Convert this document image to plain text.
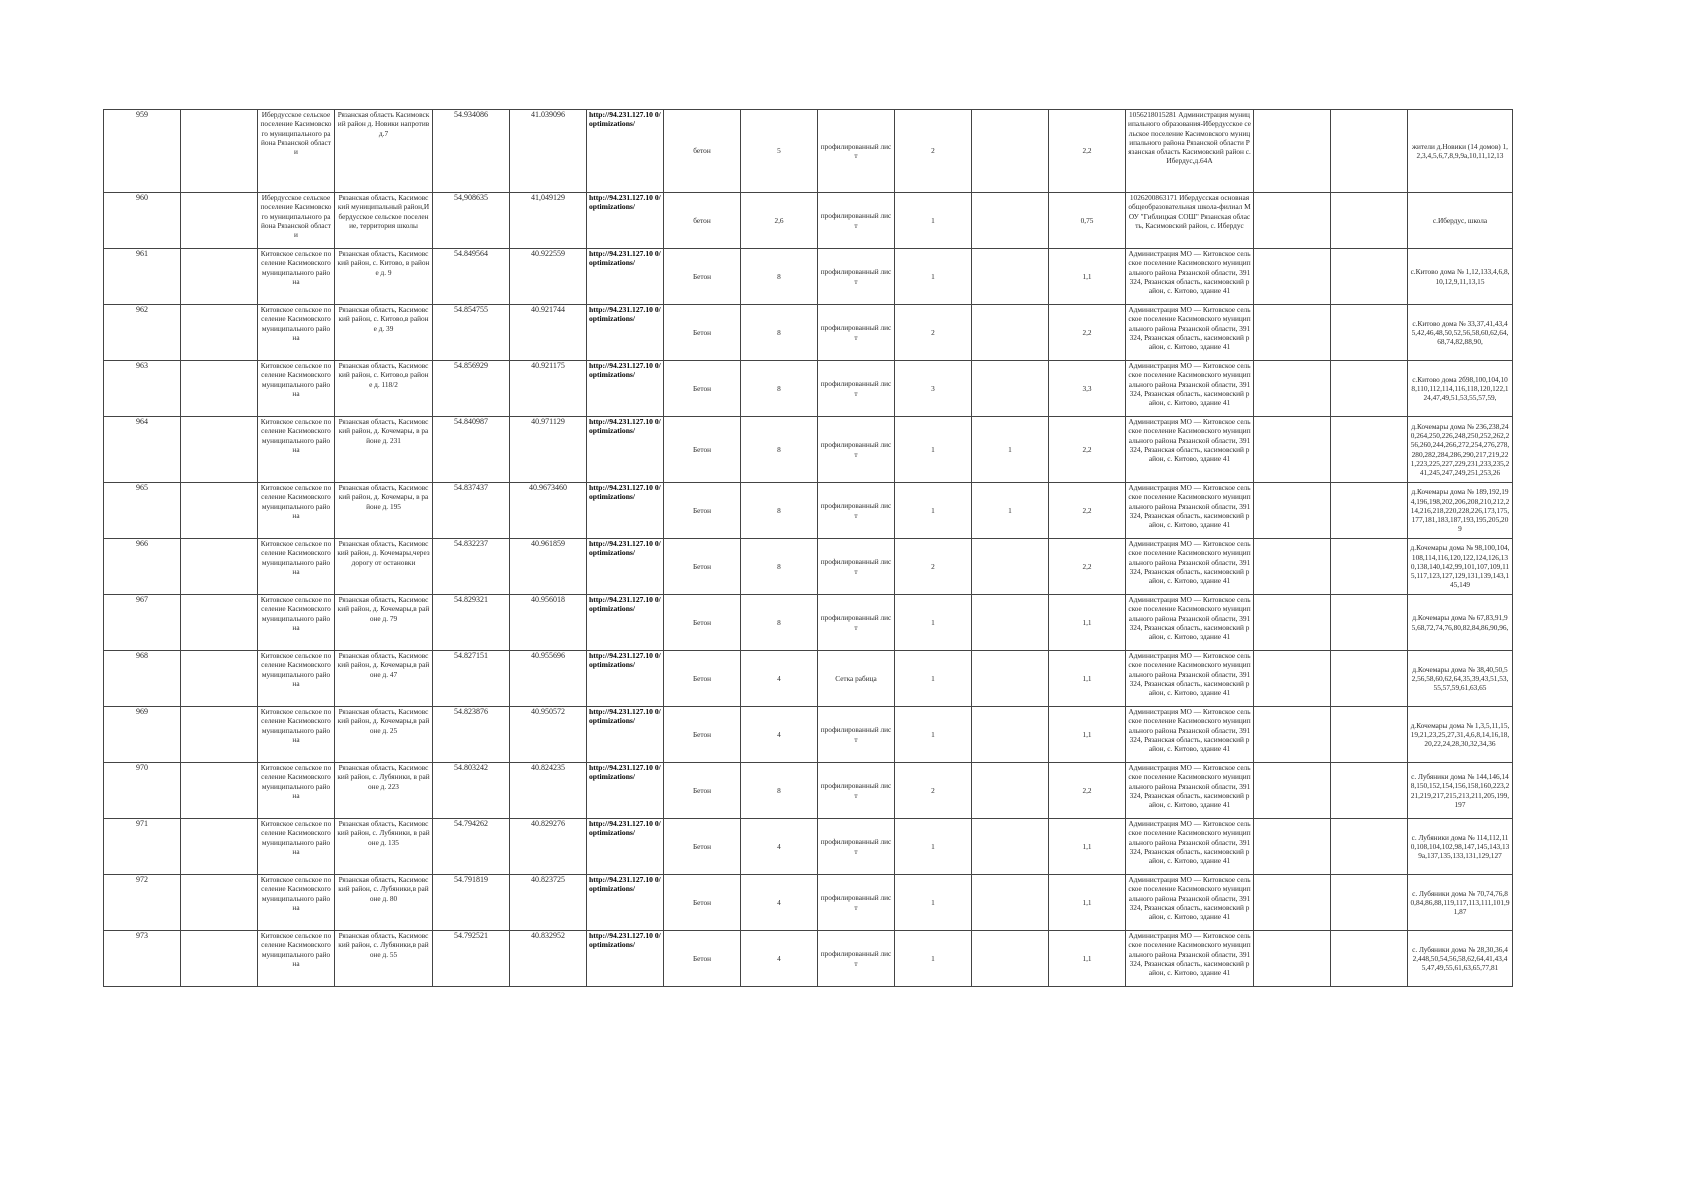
959		Ибердусское сельское поселение Касимовского муниципального района Рязанской области	Рязанская область Касимовский район д. Новики напротив д.7	54.934086	41.039096	http://94.231.127.10 0/optimizations/	бетон	5	профилированный лист	2		2,2	1056218015281 Администрация муниципального образования-Ибердусское сельское поселение Касимовского муниципального района Рязанской области Рязанская область Касимовский район с.Ибердус,д.64А			жители д.Новики (14 домов) 1,2,3,4,5,6,7,8,9,9а,10,11,12,13
960		Ибердусское сельское поселение Касимовского муниципального района Рязанской области	Рязанская область, Касимовский муниципальный район,Ибердусское сельское поселение, территория школы	54,908635	41,049129	http://94.231.127.10 0/optimizations/	бетон	2,6	профилированный лист	1		0,75	1026200863171 Ибердусская основная общеобразовательная школа-филиал МОУ "Гиблицкая СОШ" Рязанская область, Касимовский район, с. Ибердус			с.Ибердус, школа
961		Китовское сельское поселение Касимовского муниципального района	Рязанская область, Касимовский район, с. Китово, в районе д. 9	54.849564	40.922559	http://94.231.127.10 0/optimizations/	Бетон	8	профилированный лист	1		1,1	Администрация МО — Китовское сельское поселение Касимовского муниципального района Рязанской области, 391324, Рязанская область, касимовский район, с. Китово, здание 41			с.Китово дома № 1,12,133,4,6,8,10,12,9,11,13,15
962		Китовское сельское поселение Касимовского муниципального района	Рязанская область, Касимовский район, с. Китово,в районе д. 39	54.854755	40.921744	http://94.231.127.10 0/optimizations/	Бетон	8	профилированный лист	2		2,2	Администрация МО — Китовское сельское поселение Касимовского муниципального района Рязанской области, 391324, Рязанская область, касимовский район, с. Китово, здание 41			с.Китово дома № 33,37,41,43,45,42,46,48,50,52,56,58,60,62,64,68,74,82,88,90,
963		Китовское сельское поселение Касимовского муниципального района	Рязанская область, Касимовский район, с. Китово,в районе д. 118/2	54.856929	40.921175	http://94.231.127.10 0/optimizations/	Бетон	8	профилированный лист	3		3,3	Администрация МО — Китовское сельское поселение Касимовского муниципального района Рязанской области, 391324, Рязанская область, касимовский район, с. Китово, здание 41			с.Китово дома 2б98,100,104,108,110,112,114,116,118,120,122,124,47,49,51,53,55,57,59,
964		Китовское сельское поселение Касимовского муниципального района	Рязанская область, Касимовский район, д. Кочемары, в районе д. 231	54.840987	40.971129	http://94.231.127.10 0/optimizations/	Бетон	8	профилированный лист	1	1	2,2	Администрация МО — Китовское сельское поселение Касимовского муниципального района Рязанской области, 391324, Рязанская область, касимовский район, с. Китово, здание 41			д.Кочемары дома № 236,238,240,264,250,226,248,250,252,262,256,260,244,266,272,254,276,278,280,282,284,286,290,217,219,221,223,225,227,229,231,233,235,241,245,247,249,251,253,26
965		Китовское сельское поселение Касимовского муниципального района	Рязанская область, Касимовский район, д. Кочемары, в районе д. 195	54.837437	40.9673460	http://94.231.127.10 0/optimizations/	Бетон	8	профилированный лист	1	1	2,2	Администрация МО — Китовское сельское поселение Касимовского муниципального района Рязанской области, 391324, Рязанская область, касимовский район, с. Китово, здание 41			д.Кочемары дома № 189,192,194,196,198,202,206,208,210,212,214,216,218,220,228,226,173,175,177,181,183,187,193,195,205,209
966		Китовское сельское поселение Касимовского муниципального района	Рязанская область, Касимовский район, д. Кочемары,через дорогу от остановки	54.832237	40.961859	http://94.231.127.10 0/optimizations/	Бетон	8	профилированный лист	2		2,2	Администрация МО — Китовское сельское поселение Касимовского муниципального района Рязанской области, 391324, Рязанская область, касимовский район, с. Китово, здание 41			д.Кочемары дома № 98,100,104,108,114,116,120,122,124,126,130,138,140,142,99,101,107,109,115,117,123,127,129,131,139,143,145,149
967		Китовское сельское поселение Касимовского муниципального района	Рязанская область, Касимовский район, д. Кочемары,в районе д. 79	54.829321	40.956018	http://94.231.127.10 0/optimizations/	Бетон	8	профилированный лист	1		1,1	Администрация МО — Китовское сельское поселение Касимовского муниципального района Рязанской области, 391324, Рязанская область, касимовский район, с. Китово, здание 41			д.Кочемары дома № 67,83,91,95,68,72,74,76,80,82,84,86,90,96,
968		Китовское сельское поселение Касимовского муниципального района	Рязанская область, Касимовский район, д. Кочемары,в районе д. 47	54.827151	40.955696	http://94.231.127.10 0/optimizations/	Бетон	4	Сетка рабица	1		1,1	Администрация МО — Китовское сельское поселение Касимовского муниципального района Рязанской области, 391324, Рязанская область, касимовский район, с. Китово, здание 41			д.Кочемары дома № 38,40,50,52,56,58,60,62,64,35,39,43,51,53,55,57,59,61,63,65
969		Китовское сельское поселение Касимовского муниципального района	Рязанская область, Касимовский район, д. Кочемары,в районе д. 25	54.823876	40.950572	http://94.231.127.10 0/optimizations/	Бетон	4	профилированный лист	1		1,1	Администрация МО — Китовское сельское поселение Касимовского муниципального района Рязанской области, 391324, Рязанская область, касимовский район, с. Китово, здание 41			д.Кочемары дома № 1,3,5,11,15,19,21,23,25,27,31,4,6,8,14,16,18,20,22,24,28,30,32,34,36
970		Китовское сельское поселение Касимовского муниципального района	Рязанская область, Касимовский район, с. Лубяники, в районе д. 223	54.803242	40.824235	http://94.231.127.10 0/optimizations/	Бетон	8	профилированный лист	2		2,2	Администрация МО — Китовское сельское поселение Касимовского муниципального района Рязанской области, 391324, Рязанская область, касимовский район, с. Китово, здание 41			с. Лубяники дома № 144,146,148,150,152,154,156,158,160,223,221,219,217,215,213,211,205,199,197
971		Китовское сельское поселение Касимовского муниципального района	Рязанская область, Касимовский район, с. Лубяники, в районе д. 135	54.794262	40.829276	http://94.231.127.10 0/optimizations/	Бетон	4	профилированный лист	1		1,1	Администрация МО — Китовское сельское поселение Касимовского муниципального района Рязанской области, 391324, Рязанская область, касимовский район, с. Китово, здание 41			с. Лубяники дома № 114,112,110,108,104,102,98,147,145,143,139а,137,135,133,131,129,127
972		Китовское сельское поселение Касимовского муниципального района	Рязанская область, Касимовский район, с. Лубяники,в районе д. 80	54.791819	40.823725	http://94.231.127.10 0/optimizations/	Бетон	4	профилированный лист	1		1,1	Администрация МО — Китовское сельское поселение Касимовского муниципального района Рязанской области, 391324, Рязанская область, касимовский район, с. Китово, здание 41			с. Лубяники дома № 70,74,76,80,84,86,88,119,117,113,111,101,91,87
973		Китовское сельское поселение Касимовского муниципального района	Рязанская область, Касимовский район, с. Лубяники,в районе д. 55	54.792521	40.832952	http://94.231.127.10 0/optimizations/	Бетон	4	профилированный лист	1		1,1	Администрация МО — Китовское сельское поселение Касимовского муниципального района Рязанской области, 391324, Рязанская область, касимовский район, с. Китово, здание 41			с. Лубяники дома № 28,30,36,42,448,50,54,56,58,62,64,41,43,45,47,49,55,61,63,65,77,81
